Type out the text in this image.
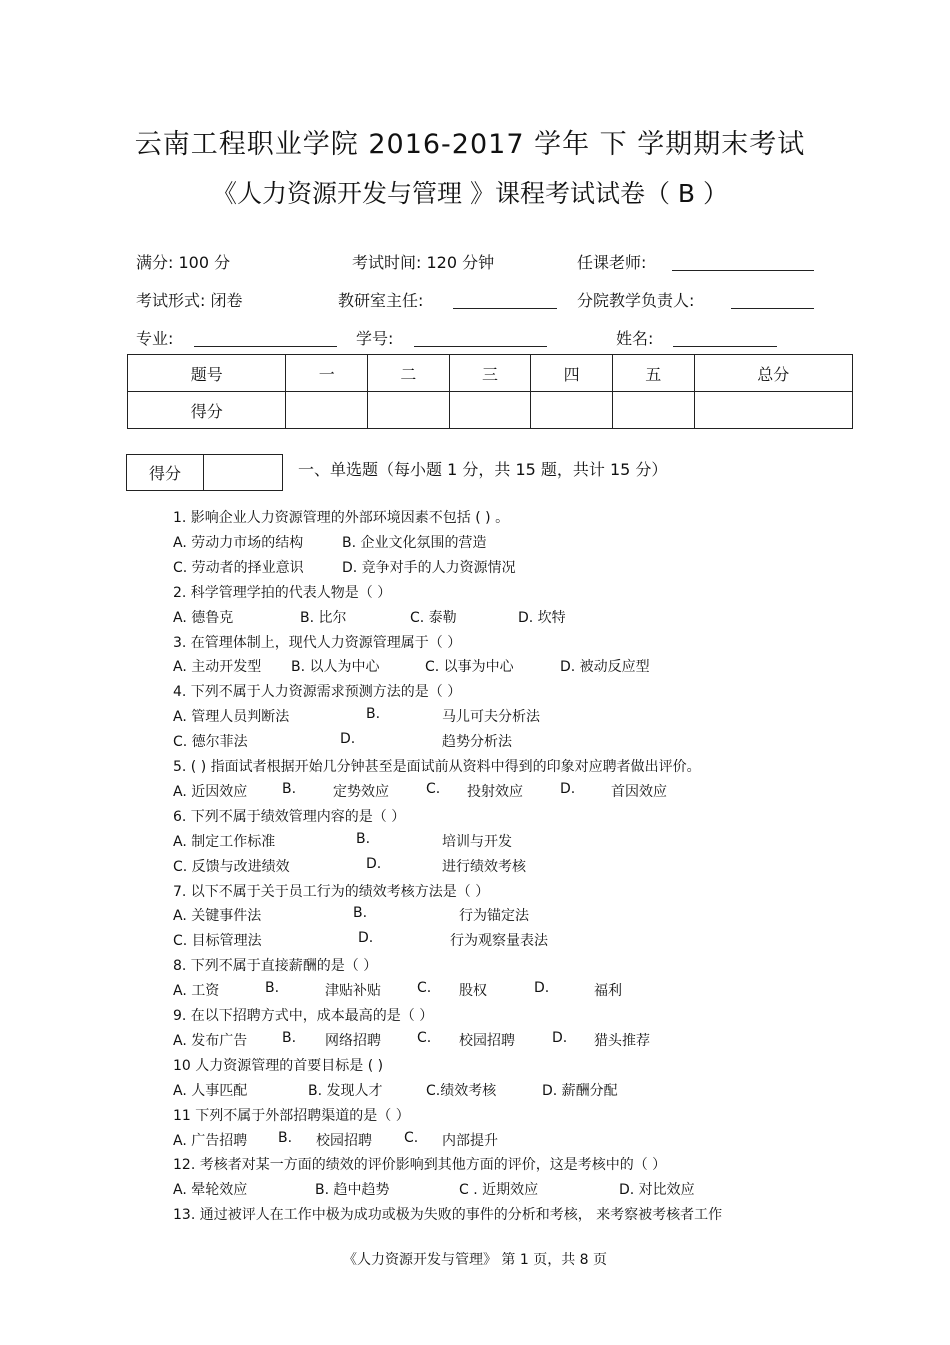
云南工程职业学院 2016-2017 学年 下 学期期末考试
《人力资源开发与管理 》课程考试试卷（ B ）
满分: 100 分	考试时间: 120 分钟	任课老师:
考试形式: 闭卷	教研室主任:	分院教学负责人:
专业:	学号:	姓名:
题号	一	二	三	四	五	总分
得分						
得分	一、单选题（每小题 1 分，共 15 题，共计 15 分）
1. 影响企业人力资源管理的外部环境因素不包括 ( ) 。
A. 劳动力市场的结构	B. 企业文化氛围的营造
C. 劳动者的择业意识	D. 竞争对手的人力资源情况
2. 科学管理学拍的代表人物是（ ）
A. 德鲁克	B. 比尔	C. 泰勒	D. 坎特
3. 在管理体制上，现代人力资源管理属于（ ）
A. 主动开发型 B. 以人为中心	C. 以事为中心	D. 被动反应型
4. 下列不属于人力资源需求预测方法的是（ ）
A. 管理人员判断法	B.	马儿可夫分析法
C. 德尔菲法	D.	趋势分析法
5. ( ) 指面试者根据开始几分钟甚至是面试前从资料中得到的印象对应聘者做出评价。
A. 近因效应 B.	定势效应	C. 投射效应	D.	首因效应
6. 下列不属于绩效管理内容的是（ ）
A. 制定工作标准	B.	培训与开发
C. 反馈与改进绩效	D.	进行绩效考核
7. 以下不属于关于员工行为的绩效考核方法是（ ）
A. 关键事件法	B.	行为锚定法
C. 目标管理法	D.	行为观察量表法
8. 下列不属于直接薪酬的是（ ）
A. 工资	B.	津贴补贴	C. 股权	D.	福利
9. 在以下招聘方式中，成本最高的是（ ）
A. 发布广告 B. 网络招聘	C. 校园招聘	D. 猎头推荐
10 人力资源管理的首要目标是 ( )
A. 人事匹配	B. 发现人才	C.绩效考核	D. 薪酬分配
11 下列不属于外部招聘渠道的是（ ）
A. 广告招聘 B. 校园招聘 C. 内部提升
12. 考核者对某一方面的绩效的评价影响到其他方面的评价，这是考核中的（ ）
A. 晕轮效应	B. 趋中趋势	C . 近期效应	D. 对比效应
13. 通过被评人在工作中极为成功或极为失败的事件的分析和考核， 来考察被考核者工作
《人力资源开发与管理》 第 1 页，共 8 页
